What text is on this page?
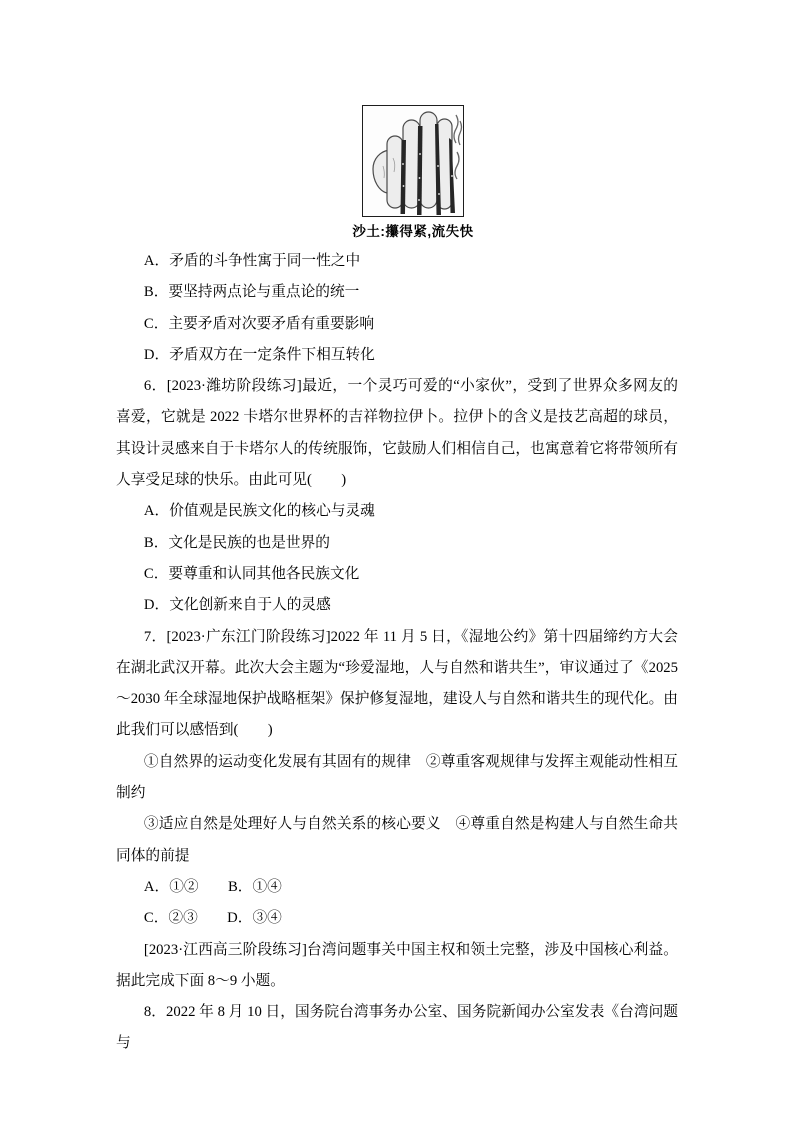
沙土:攥得紧,流失快

A．矛盾的斗争性寓于同一性之中

B．要坚持两点论与重点论的统一

C．主要矛盾对次要矛盾有重要影响

D．矛盾双方在一定条件下相互转化

6．[2023·潍坊阶段练习]最近，一个灵巧可爱的“小家伙”，受到了世界众多网友的喜爱，它就是 2022 卡塔尔世界杯的吉祥物拉伊卜。拉伊卜的含义是技艺高超的球员，其设计灵感来自于卡塔尔人的传统服饰，它鼓励人们相信自己，也寓意着它将带领所有人享受足球的快乐。由此可见(　　)

A．价值观是民族文化的核心与灵魂

B．文化是民族的也是世界的

C．要尊重和认同其他各民族文化

D．文化创新来自于人的灵感

7．[2023·广东江门阶段练习]2022 年 11 月 5 日，《湿地公约》第十四届缔约方大会在湖北武汉开幕。此次大会主题为“珍爱湿地，人与自然和谐共生”，审议通过了《2025～2030 年全球湿地保护战略框架》保护修复湿地，建设人与自然和谐共生的现代化。由此我们可以感悟到(　　)

①自然界的运动变化发展有其固有的规律　②尊重客观规律与发挥主观能动性相互制约

③适应自然是处理好人与自然关系的核心要义　④尊重自然是构建人与自然生命共同体的前提

A．①②　　B．①④

C．②③　　D．③④

[2023·江西高三阶段练习]台湾问题事关中国主权和领土完整，涉及中国核心利益。据此完成下面 8～9 小题。

8．2022 年 8 月 10 日，国务院台湾事务办公室、国务院新闻办公室发表《台湾问题与
